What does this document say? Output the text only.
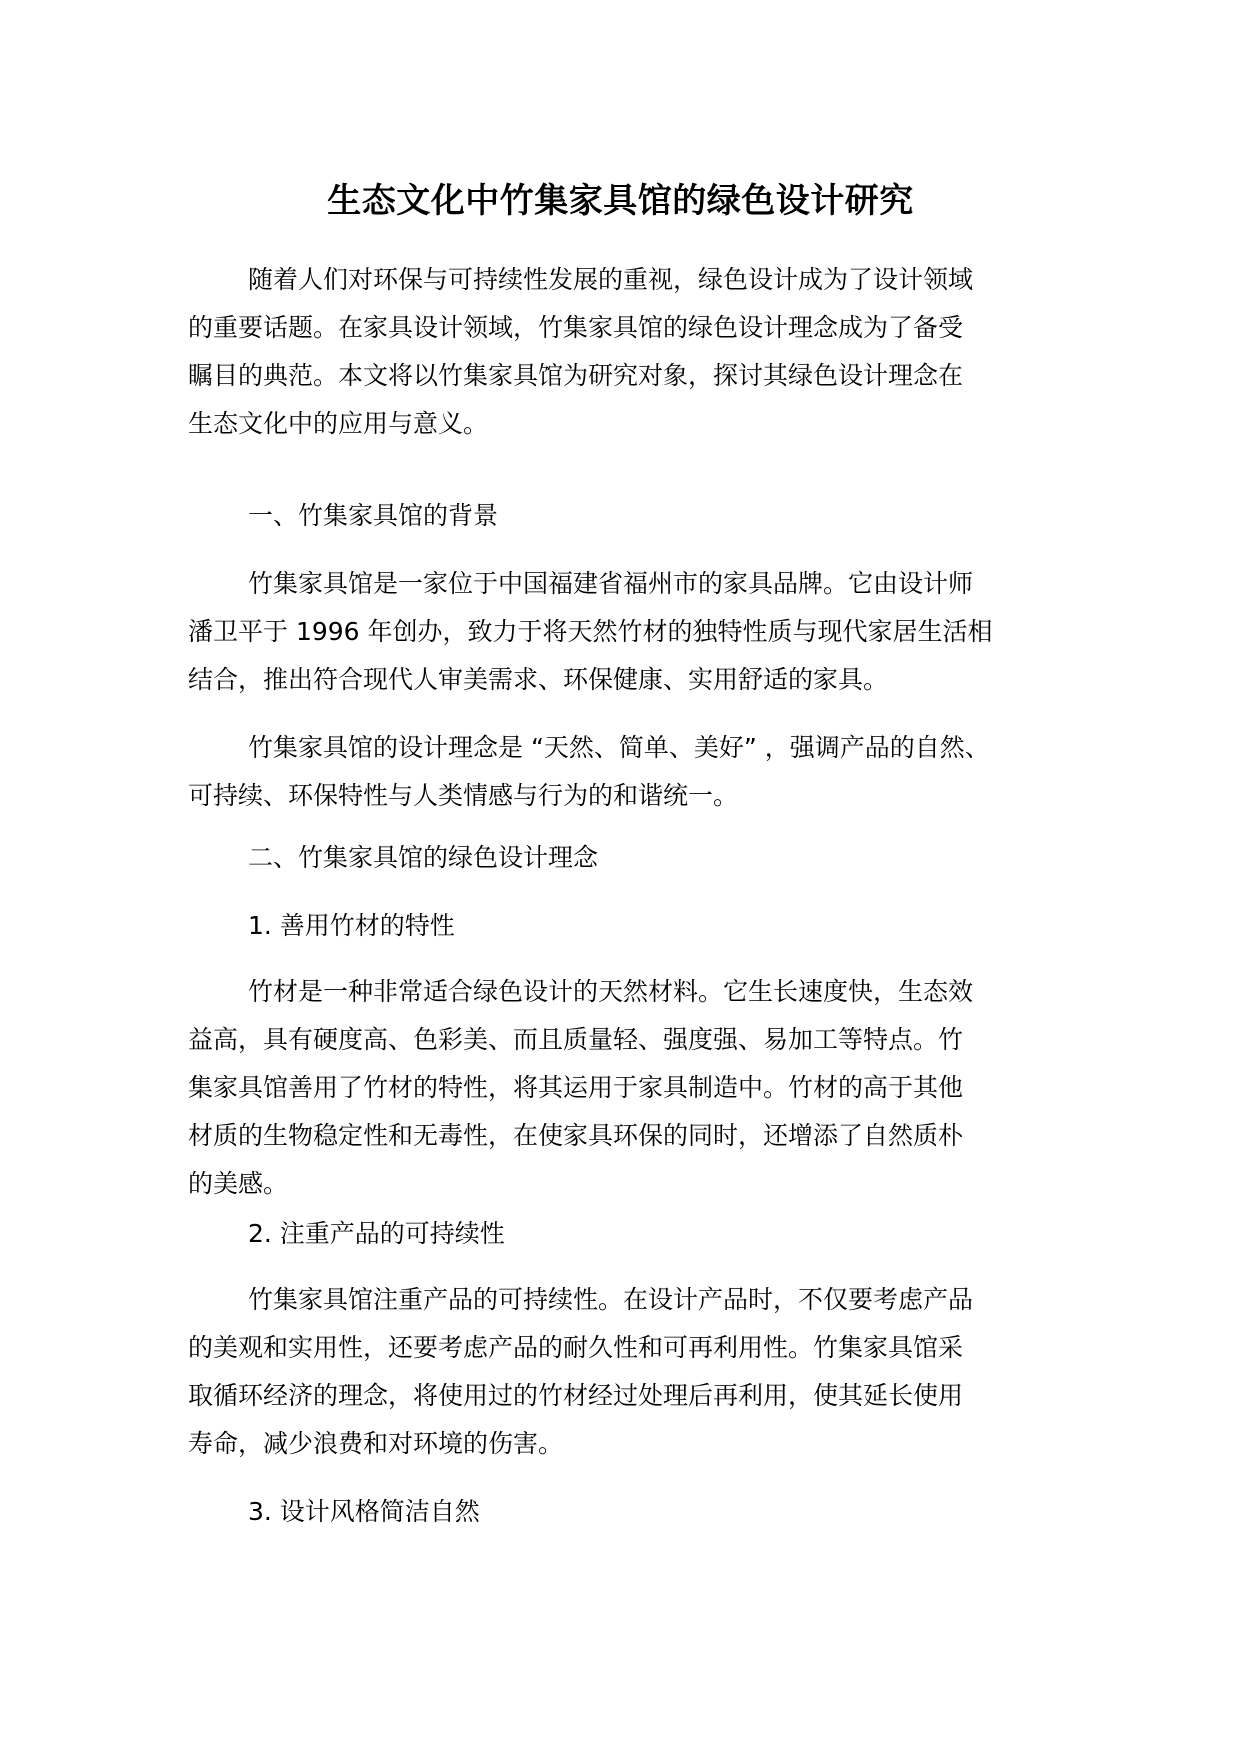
生态文化中竹集家具馆的绿色设计研究
随着人们对环保与可持续性发展的重视，绿色设计成为了设计领域
的重要话题。在家具设计领域，竹集家具馆的绿色设计理念成为了备受
瞩目的典范。本文将以竹集家具馆为研究对象，探讨其绿色设计理念在
生态文化中的应用与意义。
一、竹集家具馆的背景
竹集家具馆是一家位于中国福建省福州市的家具品牌。它由设计师
潘卫平于 1996 年创办，致力于将天然竹材的独特性质与现代家居生活相
结合，推出符合现代人审美需求、环保健康、实用舒适的家具。
竹集家具馆的设计理念是 “天然、简单、美好” ，强调产品的自然、
可持续、环保特性与人类情感与行为的和谐统一。
二、竹集家具馆的绿色设计理念
1. 善用竹材的特性
竹材是一种非常适合绿色设计的天然材料。它生长速度快，生态效
益高，具有硬度高、色彩美、而且质量轻、强度强、易加工等特点。竹
集家具馆善用了竹材的特性，将其运用于家具制造中。竹材的高于其他
材质的生物稳定性和无毒性，在使家具环保的同时，还增添了自然质朴
的美感。
2. 注重产品的可持续性
竹集家具馆注重产品的可持续性。在设计产品时，不仅要考虑产品
的美观和实用性，还要考虑产品的耐久性和可再利用性。竹集家具馆采
取循环经济的理念，将使用过的竹材经过处理后再利用，使其延长使用
寿命，减少浪费和对环境的伤害。
3. 设计风格简洁自然
